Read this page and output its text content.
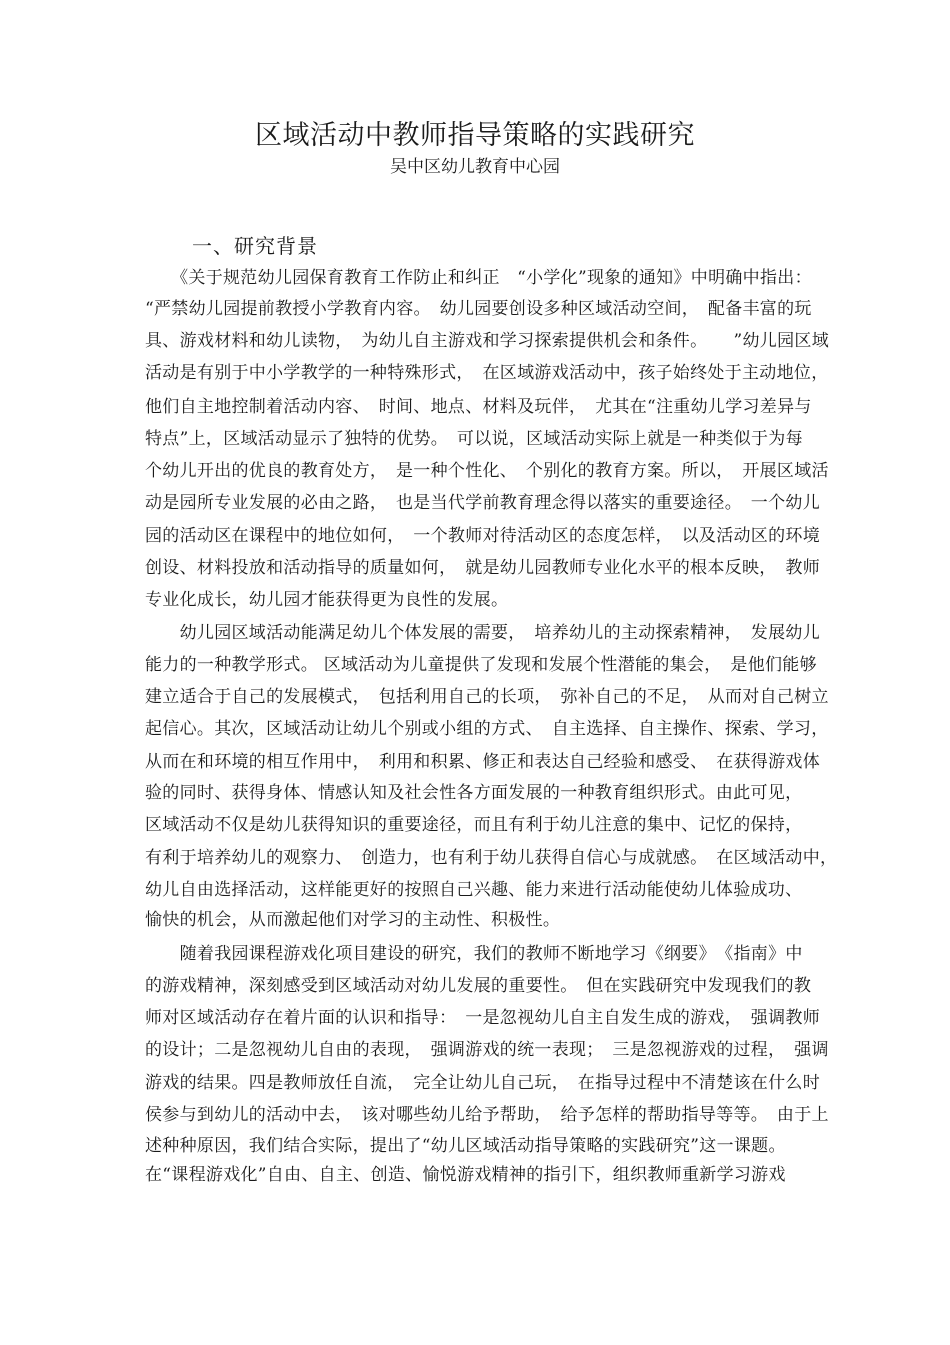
区域活动中教师指导策略的实践研究
吴中区幼儿教育中心园
一、研究背景
　　《关于规范幼儿园保育教育工作防止和纠正　“小学化”现象的通知》中明确中指出：
“严禁幼儿园提前教授小学教育内容。　幼儿园要创设多种区域活动空间，　配备丰富的玩
具、游戏材料和幼儿读物，　为幼儿自主游戏和学习探索提供机会和条件。　　”幼儿园区域
活动是有别于中小学教学的一种特殊形式，　在区域游戏活动中，孩子始终处于主动地位，
他们自主地控制着活动内容、　时间、地点、材料及玩伴，　尤其在“注重幼儿学习差异与
特点”上，区域活动显示了独特的优势。　可以说，区域活动实际上就是一种类似于为每
个幼儿开出的优良的教育处方，　是一种个性化、　个别化的教育方案。所以，　开展区域活
动是园所专业发展的必由之路，　也是当代学前教育理念得以落实的重要途径。　一个幼儿
园的活动区在课程中的地位如何，　一个教师对待活动区的态度怎样，　以及活动区的环境
创设、材料投放和活动指导的质量如何，　就是幼儿园教师专业化水平的根本反映，　教师
专业化成长，幼儿园才能获得更为良性的发展。
　　幼儿园区域活动能满足幼儿个体发展的需要，　培养幼儿的主动探索精神，　发展幼儿
能力的一种教学形式。 区域活动为儿童提供了发现和发展个性潜能的集会，　是他们能够
建立适合于自己的发展模式，　包括利用自己的长项，　弥补自己的不足，　从而对自己树立
起信心。其次，区域活动让幼儿个别或小组的方式、　自主选择、自主操作、探索、学习，
从而在和环境的相互作用中，　利用和积累、修正和表达自己经验和感受、　在获得游戏体
验的同时、获得身体、情感认知及社会性各方面发展的一种教育组织形式。由此可见，
区域活动不仅是幼儿获得知识的重要途径，而且有利于幼儿注意的集中、记忆的保持，
有利于培养幼儿的观察力、　创造力，也有利于幼儿获得自信心与成就感。　在区域活动中，
幼儿自由选择活动，这样能更好的按照自己兴趣、能力来进行活动能使幼儿体验成功、
愉快的机会，从而激起他们对学习的主动性、积极性。
　　随着我园课程游戏化项目建设的研究，我们的教师不断地学习《纲要》　《指南》中
的游戏精神，深刻感受到区域活动对幼儿发展的重要性。　但在实践研究中发现我们的教
师对区域活动存在着片面的认识和指导：　一是忽视幼儿自主自发生成的游戏，　强调教师
的设计；二是忽视幼儿自由的表现，　强调游戏的统一表现；　三是忽视游戏的过程，　强调
游戏的结果。四是教师放任自流，　完全让幼儿自己玩，　在指导过程中不清楚该在什么时
侯参与到幼儿的活动中去，　该对哪些幼儿给予帮助，　给予怎样的帮助指导等等。　由于上
述种种原因，我们结合实际，提出了“幼儿区域活动指导策略的实践研究”这一课题。
在“课程游戏化”自由、自主、创造、愉悦游戏精神的指引下，组织教师重新学习游戏
